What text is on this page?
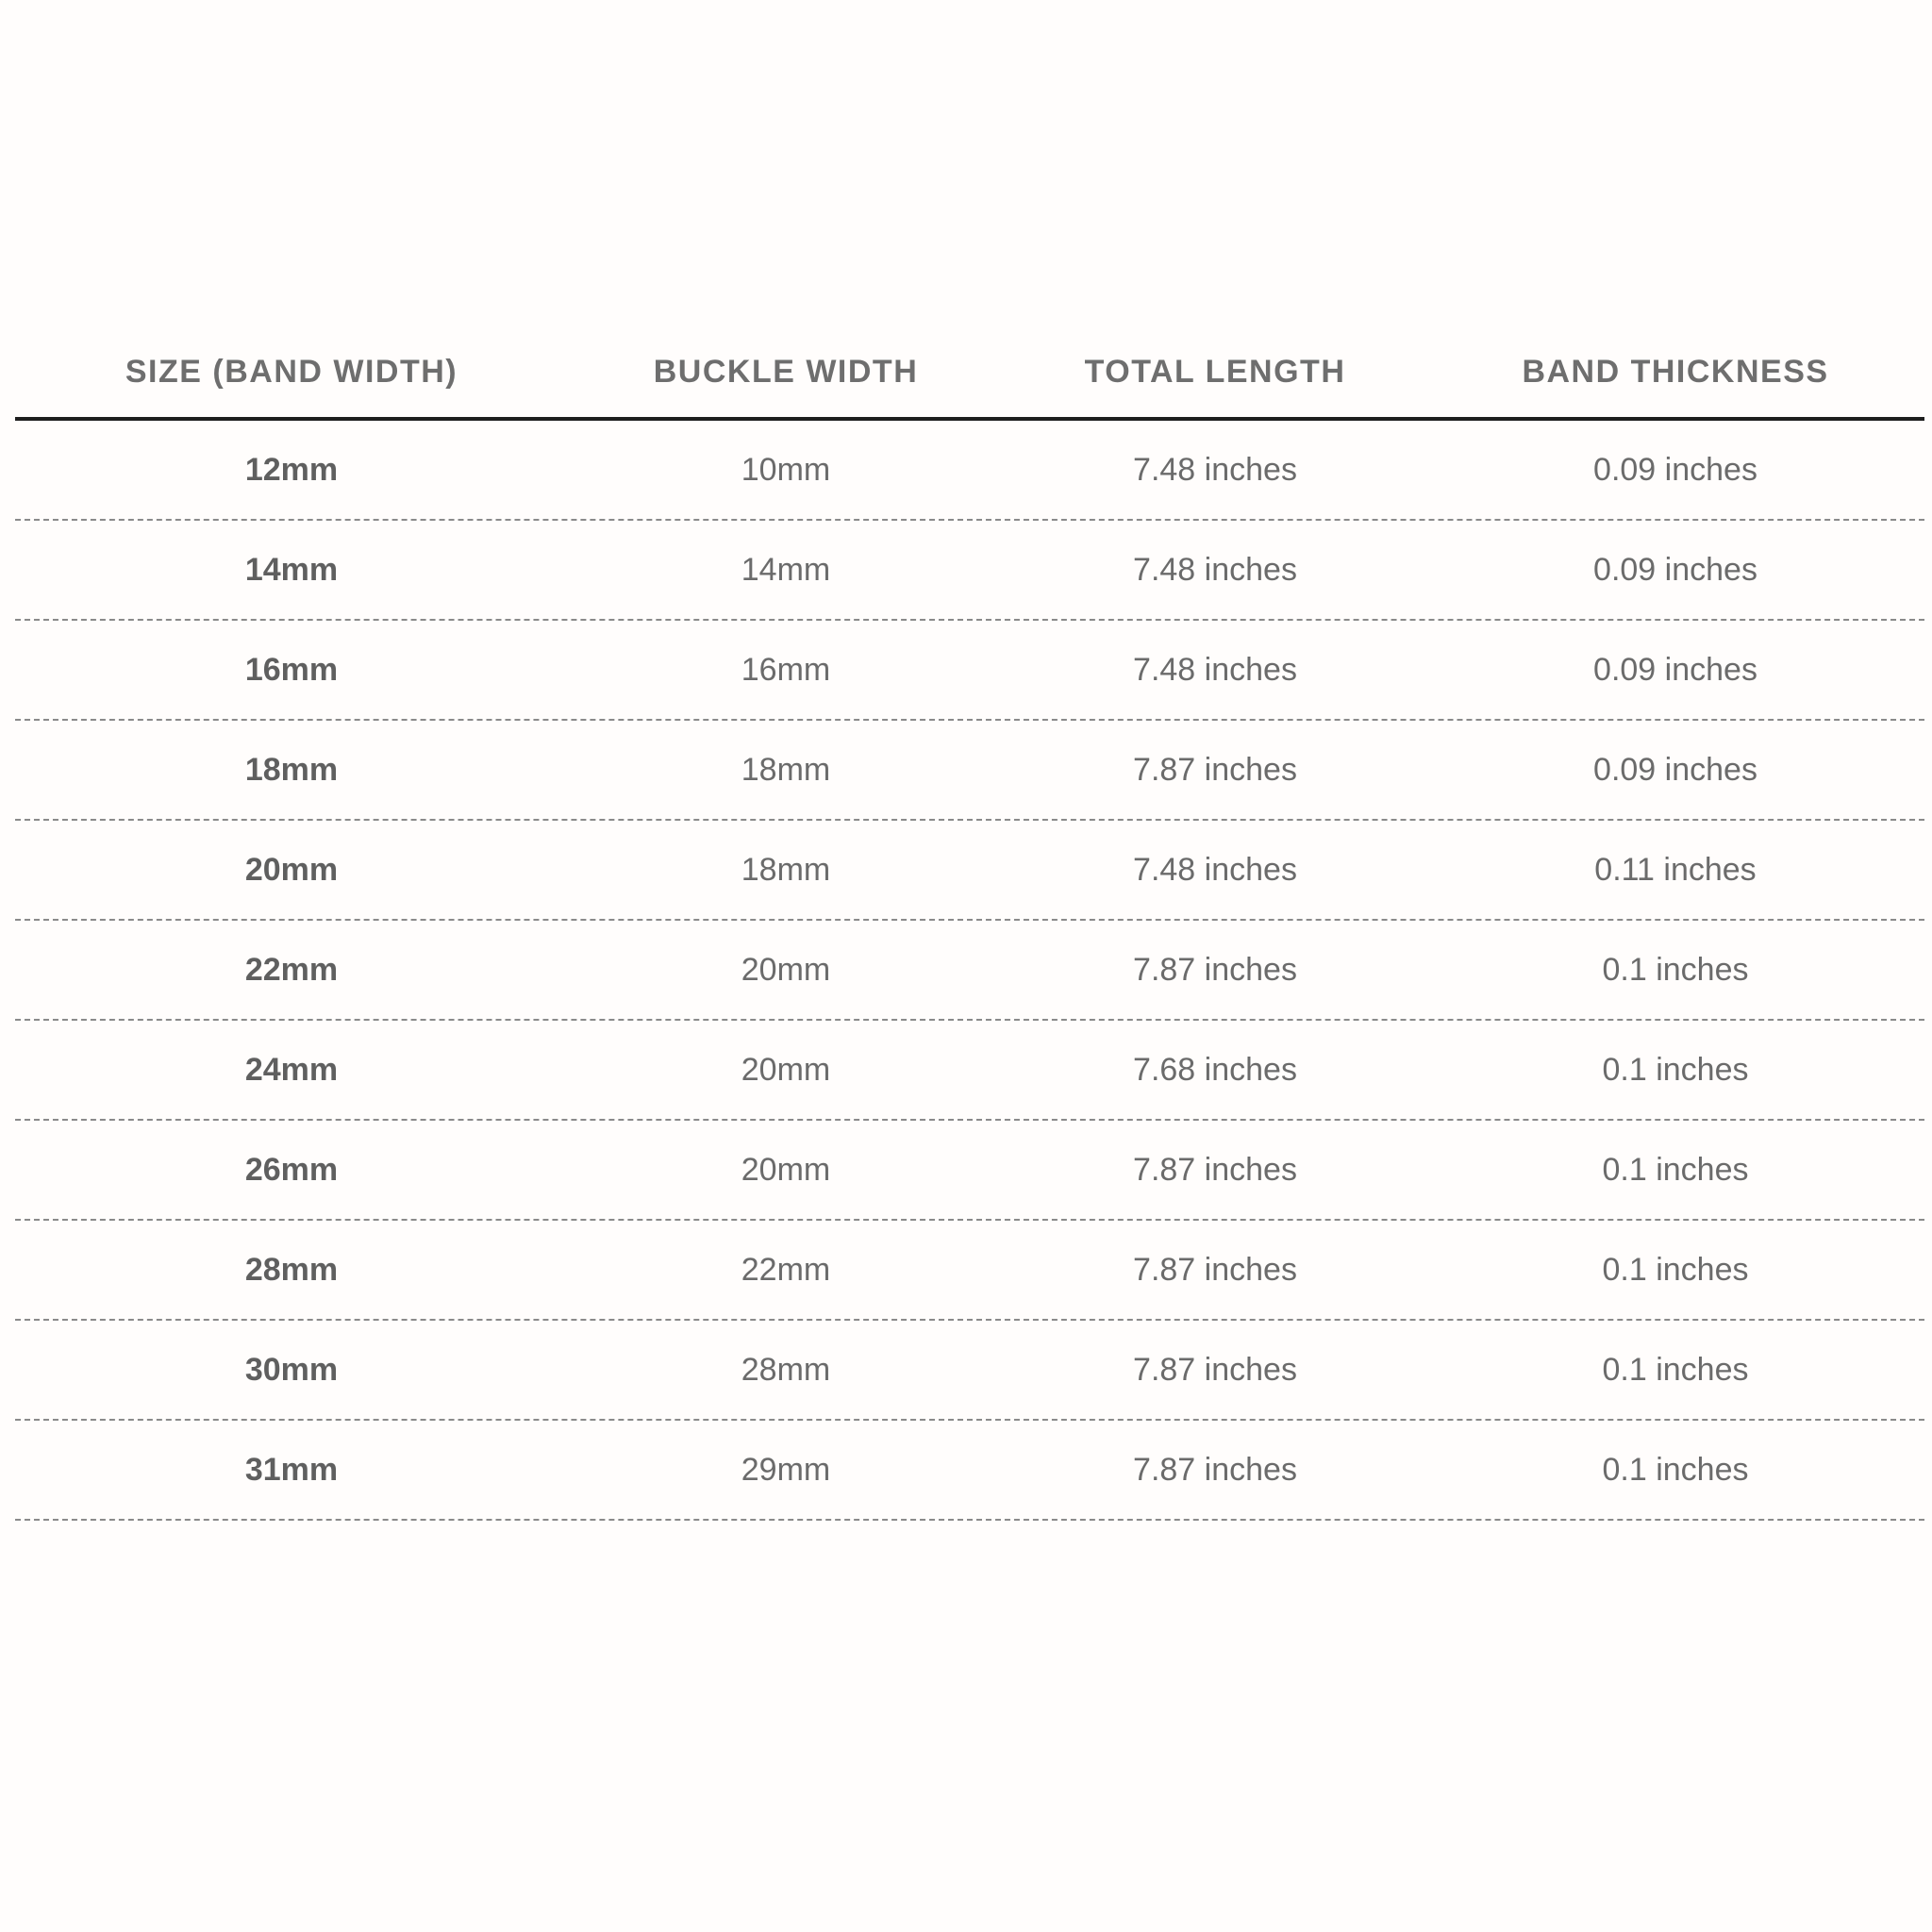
SIZE (BAND WIDTH)	BUCKLE WIDTH	TOTAL LENGTH	BAND THICKNESS
12mm	10mm	7.48 inches	0.09 inches
14mm	14mm	7.48 inches	0.09 inches
16mm	16mm	7.48 inches	0.09 inches
18mm	18mm	7.87 inches	0.09 inches
20mm	18mm	7.48 inches	0.11 inches
22mm	20mm	7.87 inches	0.1 inches
24mm	20mm	7.68 inches	0.1 inches
26mm	20mm	7.87 inches	0.1 inches
28mm	22mm	7.87 inches	0.1 inches
30mm	28mm	7.87 inches	0.1 inches
31mm	29mm	7.87 inches	0.1 inches
